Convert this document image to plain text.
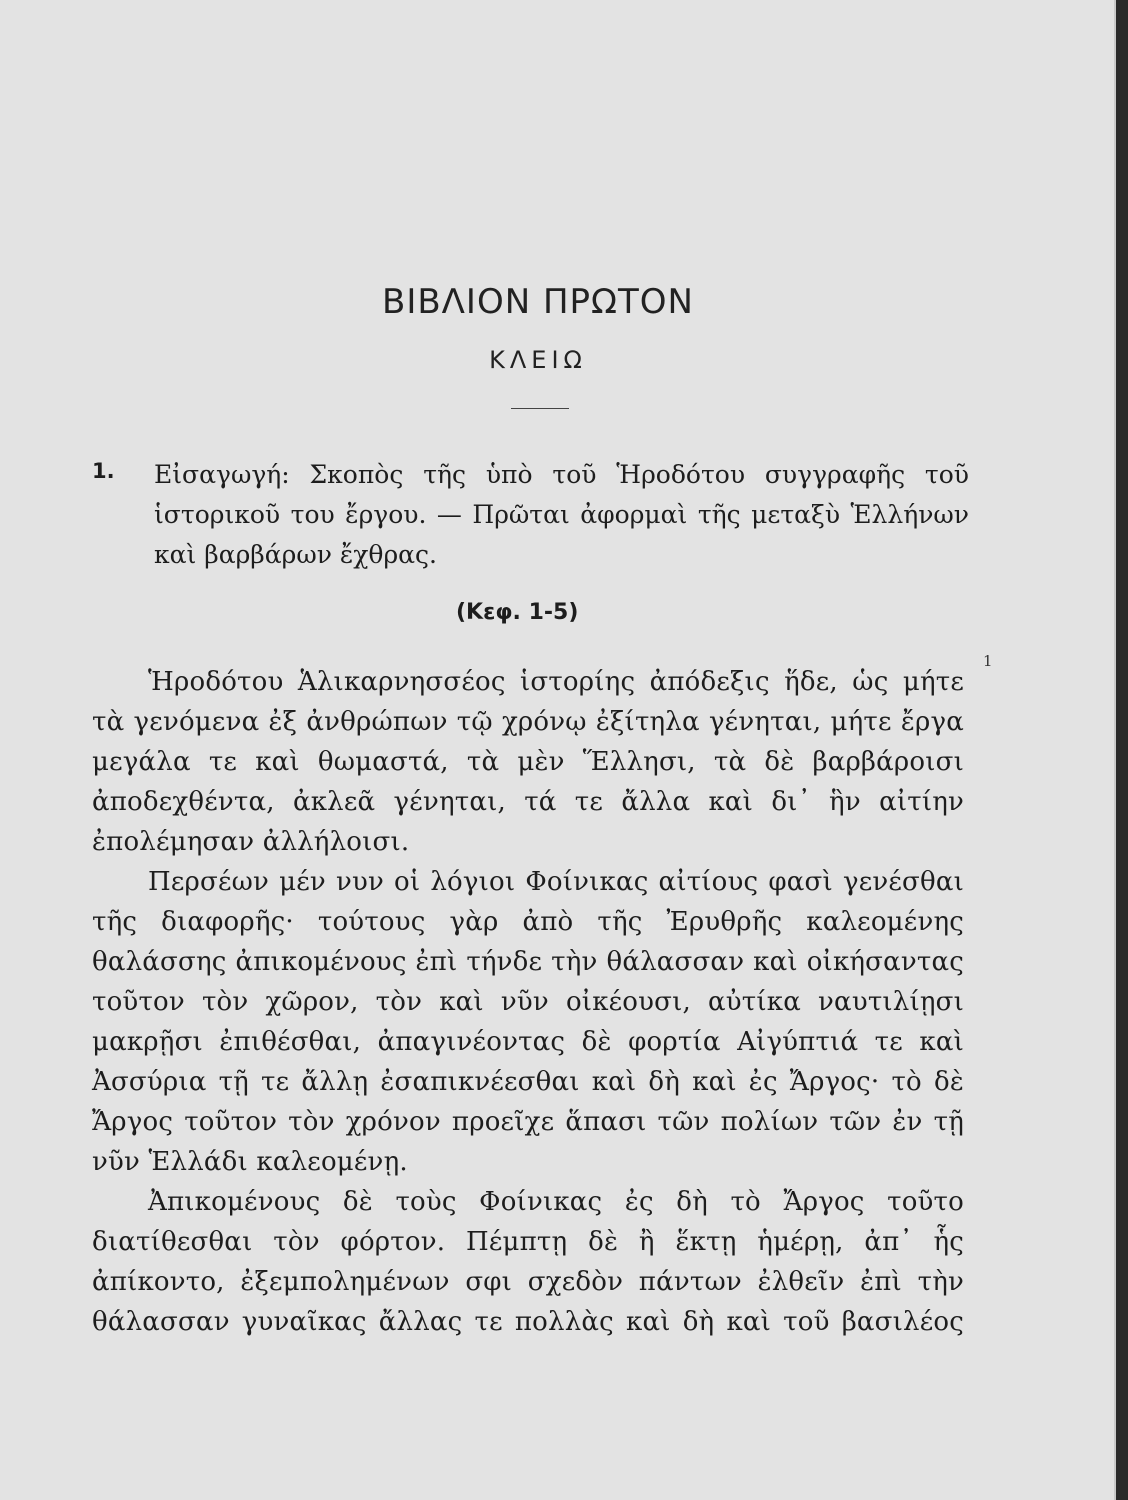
ΒΙΒΛΙΟΝ ΠΡΩΤΟΝ
ΚΛΕΙΩ
1. Εἰσαγωγή: Σκοπὸς τῆς ὑπὸ τοῦ Ἡροδότου συγγραφῆς τοῦ ἱστορικοῦ του ἔργου. — Πρῶται ἀφορμαὶ τῆς μεταξὺ Ἑλλήνων καὶ βαρβάρων ἔχθρας.
(Κεφ. 1-5)
1

Ἡροδότου Ἁλικαρνησσέος ἱστορίης ἀπόδεξις ἥδε, ὡς μήτε τὰ γενόμενα ἐξ ἀνθρώπων τῷ χρόνῳ ἐξίτηλα γένηται, μήτε ἔργα μεγάλα τε καὶ θωμαστά, τὰ μὲν Ἕλλησι, τὰ δὲ βαρβάροισι ἀποδεχθέντα, ἀκλεᾶ γένηται, τά τε ἄλλα καὶ δι᾽ ἣν αἰτίην ἐπολέμησαν ἀλλήλοισι.

Περσέων μέν νυν οἱ λόγιοι Φοίνικας αἰτίους φασὶ γενέσθαι τῆς διαφορῆς· τούτους γὰρ ἀπὸ τῆς Ἐρυθρῆς καλεομένης θαλάσσης ἀπικομένους ἐπὶ τήνδε τὴν θάλασσαν καὶ οἰκήσαντας τοῦτον τὸν χῶρον, τὸν καὶ νῦν οἰκέουσι, αὐτίκα ναυτιλίῃσι μακρῇσι ἐπιθέσθαι, ἀπαγινέοντας δὲ φορτία Αἰγύπτιά τε καὶ Ἀσσύρια τῇ τε ἄλλῃ ἐσαπικνέεσθαι καὶ δὴ καὶ ἐς Ἄργος· τὸ δὲ Ἄργος τοῦτον τὸν χρόνον προεῖχε ἅπασι τῶν πολίων τῶν ἐν τῇ νῦν Ἑλλάδι καλεομένῃ.

Ἀπικομένους δὲ τοὺς Φοίνικας ἐς δὴ τὸ Ἄργος τοῦτο διατίθεσθαι τὸν φόρτον. Πέμπτῃ δὲ ἢ ἕκτῃ ἡμέρῃ, ἀπ᾽ ἧς ἀπίκοντο, ἐξεμπολημένων σφι σχεδὸν πάντων ἐλθεῖν ἐπὶ τὴν θάλασσαν γυναῖκας ἄλλας τε πολλὰς καὶ δὴ καὶ τοῦ βασιλέος
